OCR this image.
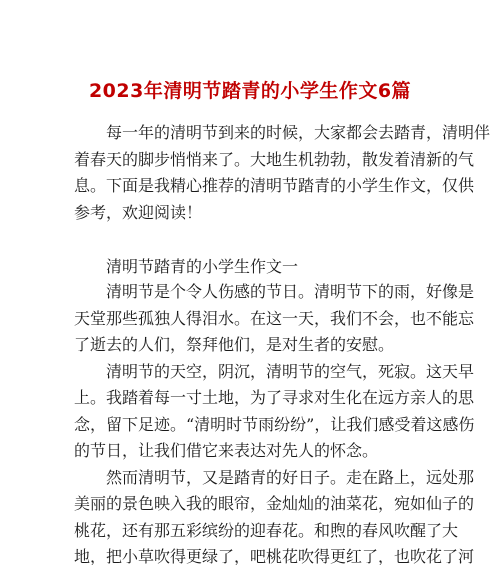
2023年清明节踏青的小学生作文6篇
每一年的清明节到来的时候，大家都会去踏青，清明伴
着春天的脚步悄悄来了。大地生机勃勃，散发着清新的气
息。下面是我精心推荐的清明节踏青的小学生作文，仅供
参考，欢迎阅读！
清明节踏青的小学生作文一
清明节是个令人伤感的节日。清明节下的雨，好像是
天堂那些孤独人得泪水。在这一天，我们不会，也不能忘
了逝去的人们，祭拜他们，是对生者的安慰。
清明节的天空，阴沉，清明节的空气，死寂。这天早
上。我踏着每一寸土地，为了寻求对生化在远方亲人的思
念，留下足迹。“清明时节雨纷纷”，让我们感受着这感伤
的节日，让我们借它来表达对先人的怀念。
然而清明节，又是踏青的好日子。走在路上，远处那
美丽的景色映入我的眼帘，金灿灿的油菜花，宛如仙子的
桃花，还有那五彩缤纷的迎春花。和煦的春风吹醒了大
地，把小草吹得更绿了，吧桃花吹得更红了，也吹花了河
